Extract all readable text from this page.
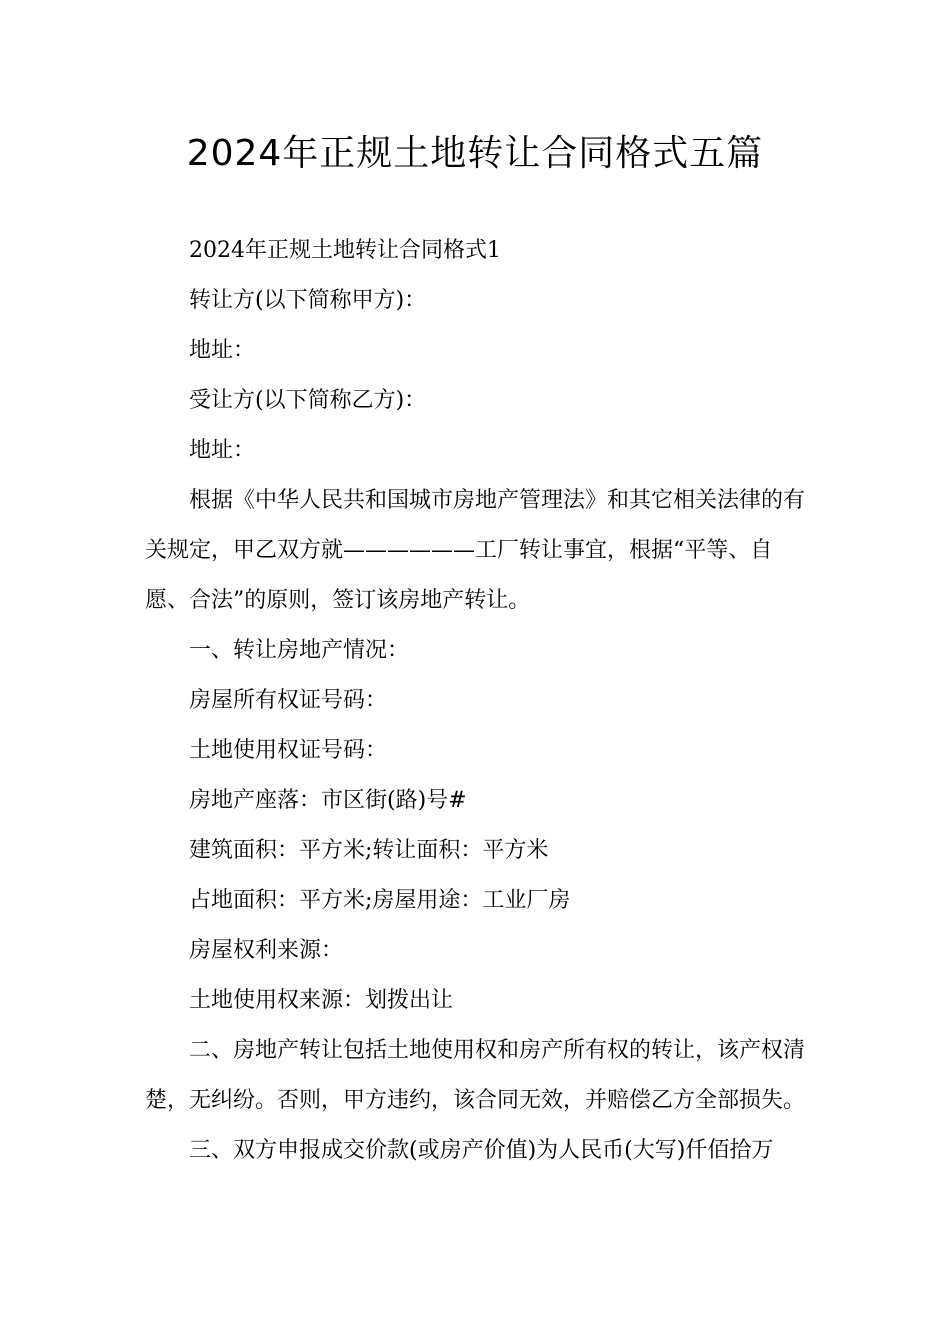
2024年正规土地转让合同格式五篇

2024年正规土地转让合同格式1

转让方(以下简称甲方)：

地址：

受让方(以下简称乙方)：

地址：

根据《中华人民共和国城市房地产管理法》和其它相关法律的有关规定，甲乙双方就——————工厂转让事宜，根据“平等、自愿、合法”的原则，签订该房地产转让。

一、转让房地产情况：

房屋所有权证号码：

土地使用权证号码：

房地产座落：市区街(路)号#

建筑面积：平方米;转让面积：平方米

占地面积：平方米;房屋用途：工业厂房

房屋权利来源：

土地使用权来源：划拨出让

二、房地产转让包括土地使用权和房产所有权的转让，该产权清楚，无纠纷。否则，甲方违约，该合同无效，并赔偿乙方全部损失。

三、双方申报成交价款(或房产价值)为人民币(大写)仟佰拾万
